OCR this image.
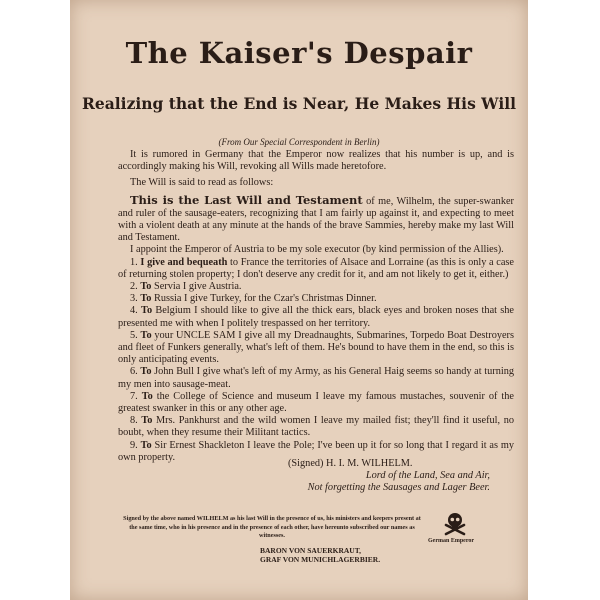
The Kaiser's Despair
Realizing that the End is Near, He Makes His Will
(From Our Special Correspondent in Berlin)

It is rumored in Germany that the Emperor now realizes that his number is up, and is accordingly making his Will, revoking all Wills made heretofore.

The Will is said to read as follows:

This is the Last Will and Testament of me, Wilhelm, the super-swanker and ruler of the sausage-eaters, recognizing that I am fairly up against it, and expecting to meet with a violent death at any minute at the hands of the brave Sammies, hereby make my last Will and Testament.

I appoint the Emperor of Austria to be my sole executor (by kind permission of the Allies).

1. I give and bequeath to France the territories of Alsace and Lorraine (as this is only a case of returning stolen property; I don't deserve any credit for it, and am not likely to get it, either.)

2. To Servia I give Austria.

3. To Russia I give Turkey, for the Czar's Christmas Dinner.

4. To Belgium I should like to give all the thick ears, black eyes and broken noses that she presented me with when I politely trespassed on her territory.

5. To your UNCLE SAM I give all my Dreadnaughts, Submarines, Torpedo Boat Destroyers and fleet of Funkers generally, what's left of them. He's bound to have them in the end, so this is only anticipating events.

6. To John Bull I give what's left of my Army, as his General Haig seems so handy at turning my men into sausage-meat.

7. To the College of Science and museum I leave my famous mustaches, souvenir of the greatest swanker in this or any other age.

8. To Mrs. Pankhurst and the wild women I leave my mailed fist; they'll find it useful, no boubt, when they resume their Militant tactics.

9. To Sir Ernest Shackleton I leave the Pole; I've been up it for so long that I regard it as my own property.

(Signed) H. I. M. WILHELM.
Lord of the Land, Sea and Air,
Not forgetting the Sausages and Lager Beer.
Signed by the above named WILHELM as his last Will in the presence of us, his ministers and keepers present at the same time, who in his presence and in the presence of each other, have hereunto subscribed our names as witnesses.
German Emperor
BARON VON SAUERKRAUT,
GRAF VON MUNICHLAGERBIER.
